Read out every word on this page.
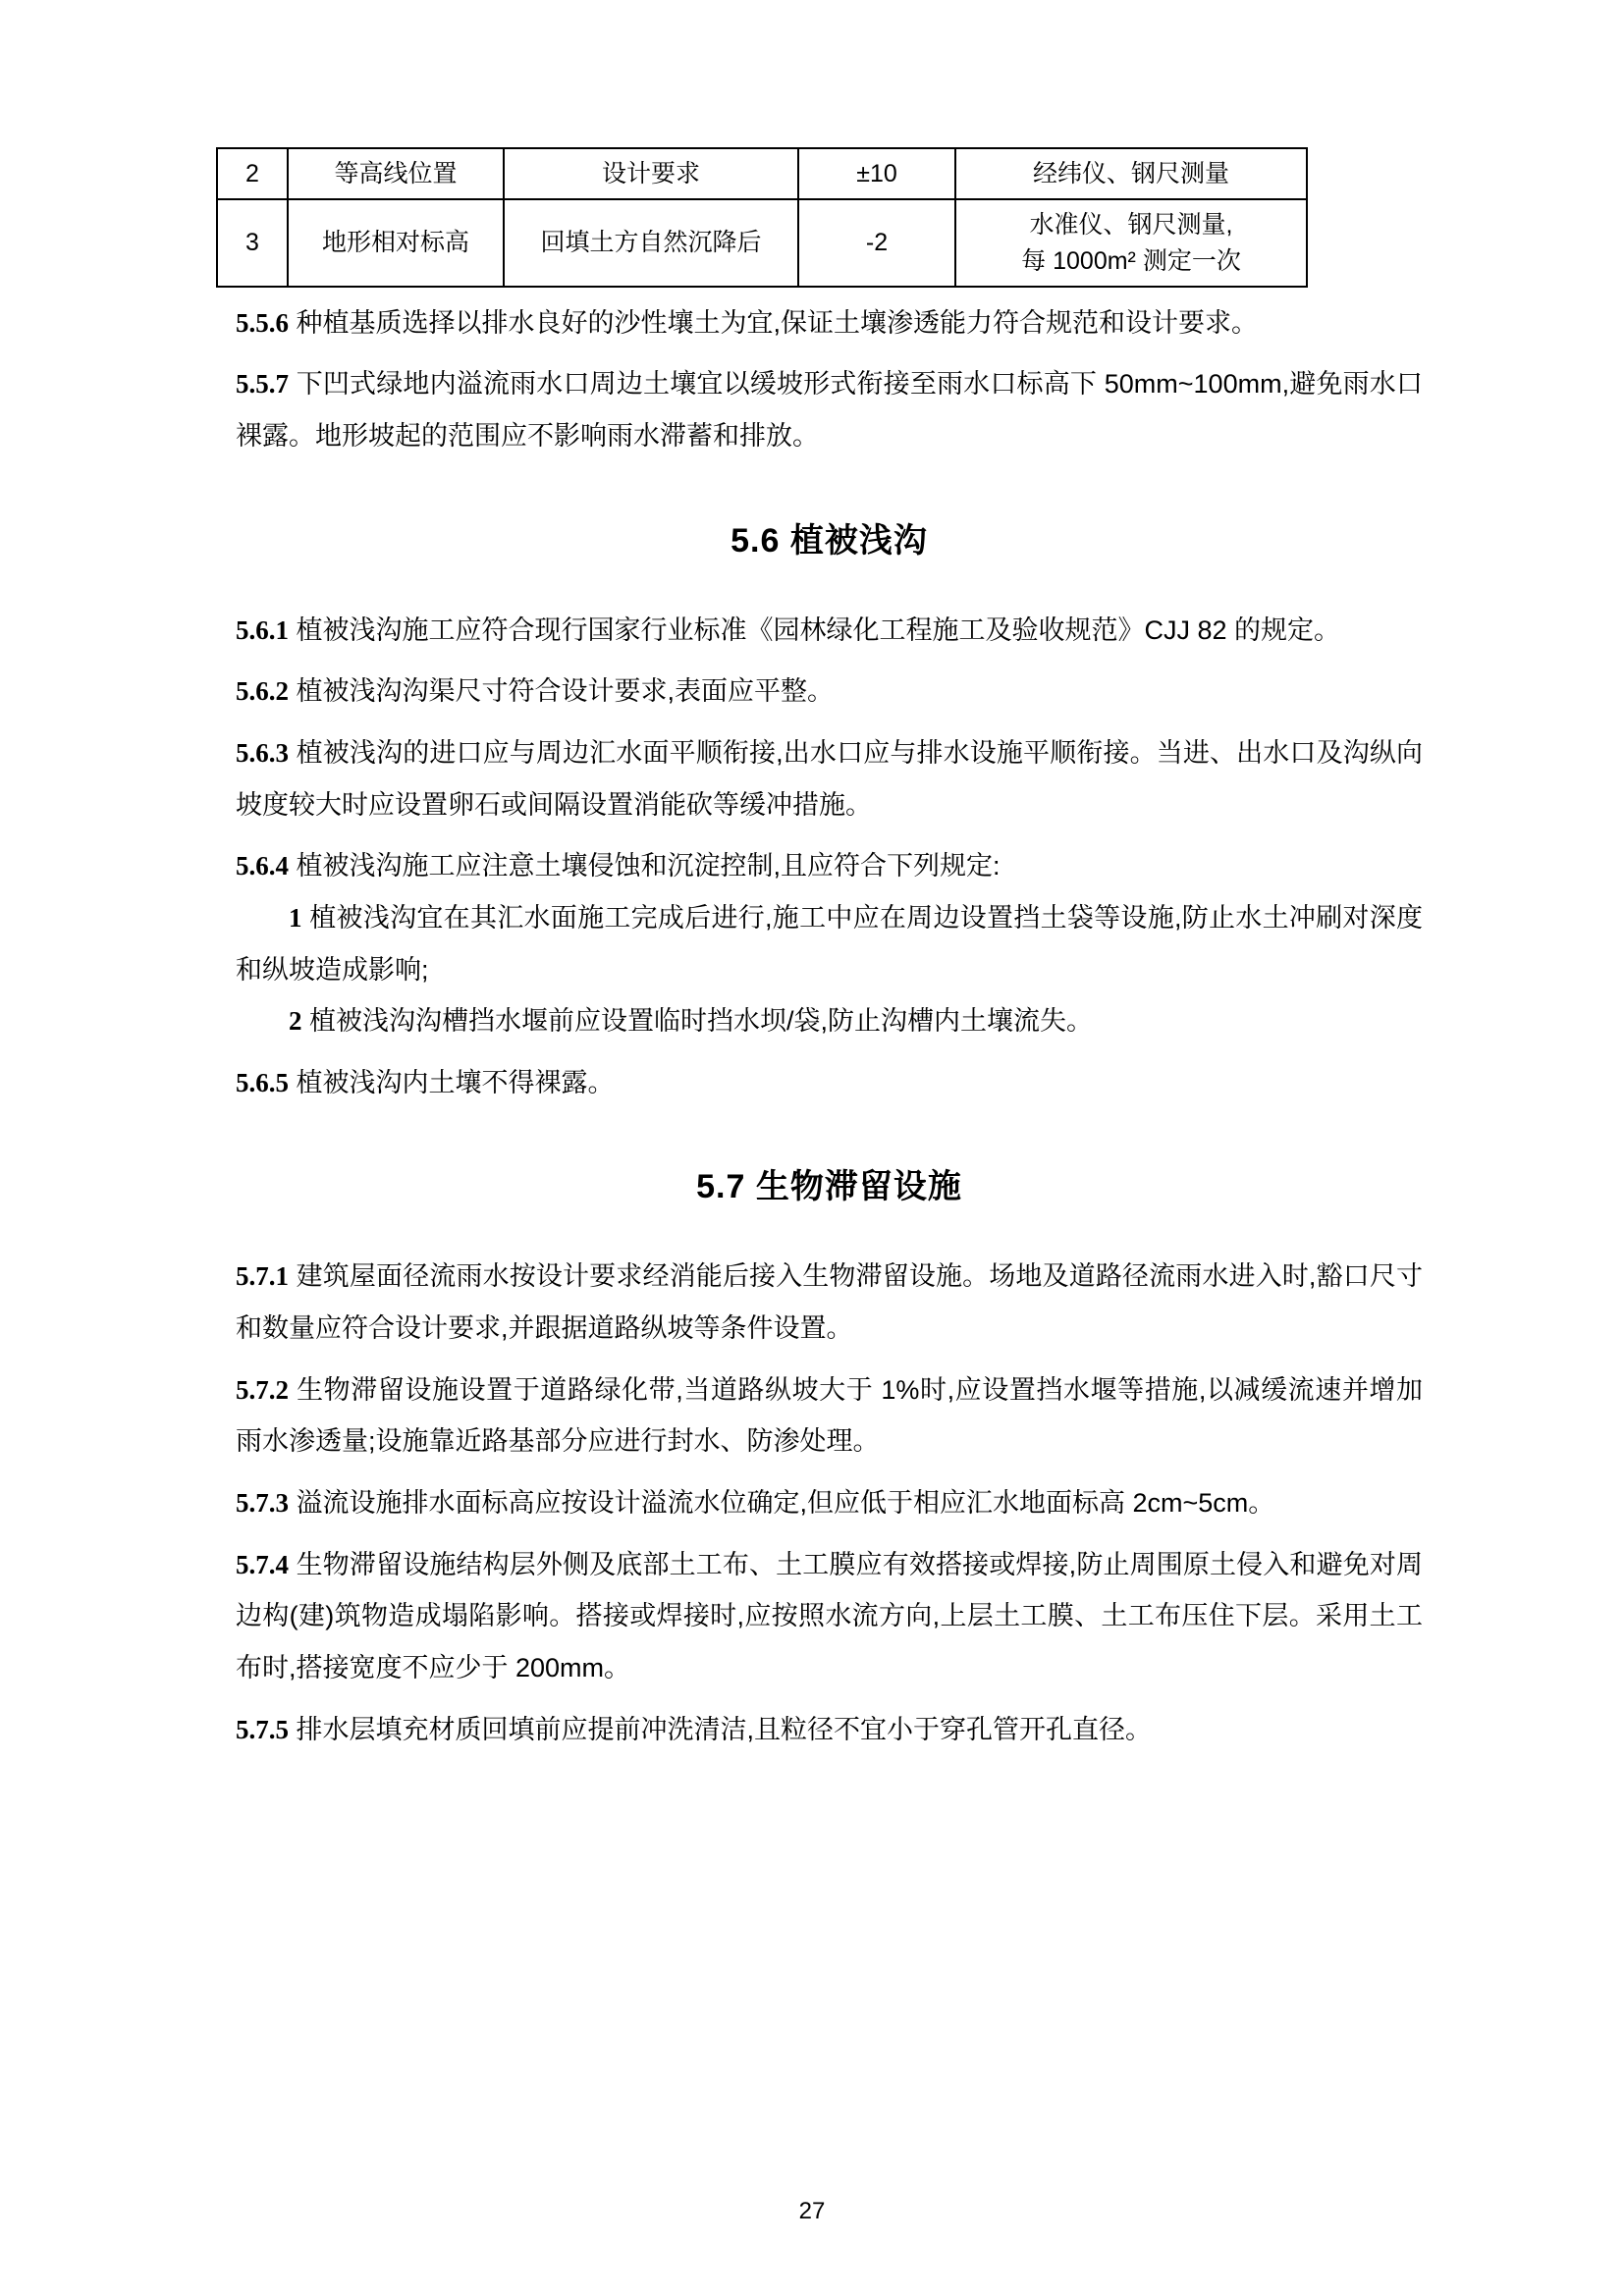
2	等高线位置	设计要求	±10	经纬仪、钢尺测量
3	地形相对标高	回填土方自然沉降后	-2	水准仪、钢尺测量,
每 1000m² 测定一次

5.5.6 种植基质选择以排水良好的沙性壤土为宜,保证土壤渗透能力符合规范和设计要求。

5.5.7 下凹式绿地内溢流雨水口周边土壤宜以缓坡形式衔接至雨水口标高下 50mm~100mm,避免雨水口裸露。地形坡起的范围应不影响雨水滞蓄和排放。

5.6 植被浅沟

5.6.1 植被浅沟施工应符合现行国家行业标准《园林绿化工程施工及验收规范》CJJ 82 的规定。

5.6.2 植被浅沟沟渠尺寸符合设计要求,表面应平整。

5.6.3 植被浅沟的进口应与周边汇水面平顺衔接,出水口应与排水设施平顺衔接。当进、出水口及沟纵向坡度较大时应设置卵石或间隔设置消能砍等缓冲措施。

5.6.4 植被浅沟施工应注意土壤侵蚀和沉淀控制,且应符合下列规定:

1 植被浅沟宜在其汇水面施工完成后进行,施工中应在周边设置挡土袋等设施,防止水土冲刷对深度和纵坡造成影响;

2 植被浅沟沟槽挡水堰前应设置临时挡水坝/袋,防止沟槽内土壤流失。

5.6.5 植被浅沟内土壤不得裸露。

5.7 生物滞留设施

5.7.1 建筑屋面径流雨水按设计要求经消能后接入生物滞留设施。场地及道路径流雨水进入时,豁口尺寸和数量应符合设计要求,并跟据道路纵坡等条件设置。

5.7.2 生物滞留设施设置于道路绿化带,当道路纵坡大于 1%时,应设置挡水堰等措施,以减缓流速并增加雨水渗透量;设施靠近路基部分应进行封水、防渗处理。

5.7.3 溢流设施排水面标高应按设计溢流水位确定,但应低于相应汇水地面标高 2cm~5cm。

5.7.4 生物滞留设施结构层外侧及底部土工布、土工膜应有效搭接或焊接,防止周围原土侵入和避免对周边构(建)筑物造成塌陷影响。搭接或焊接时,应按照水流方向,上层土工膜、土工布压住下层。采用土工布时,搭接宽度不应少于 200mm。

5.7.5 排水层填充材质回填前应提前冲洗清洁,且粒径不宜小于穿孔管开孔直径。

27
